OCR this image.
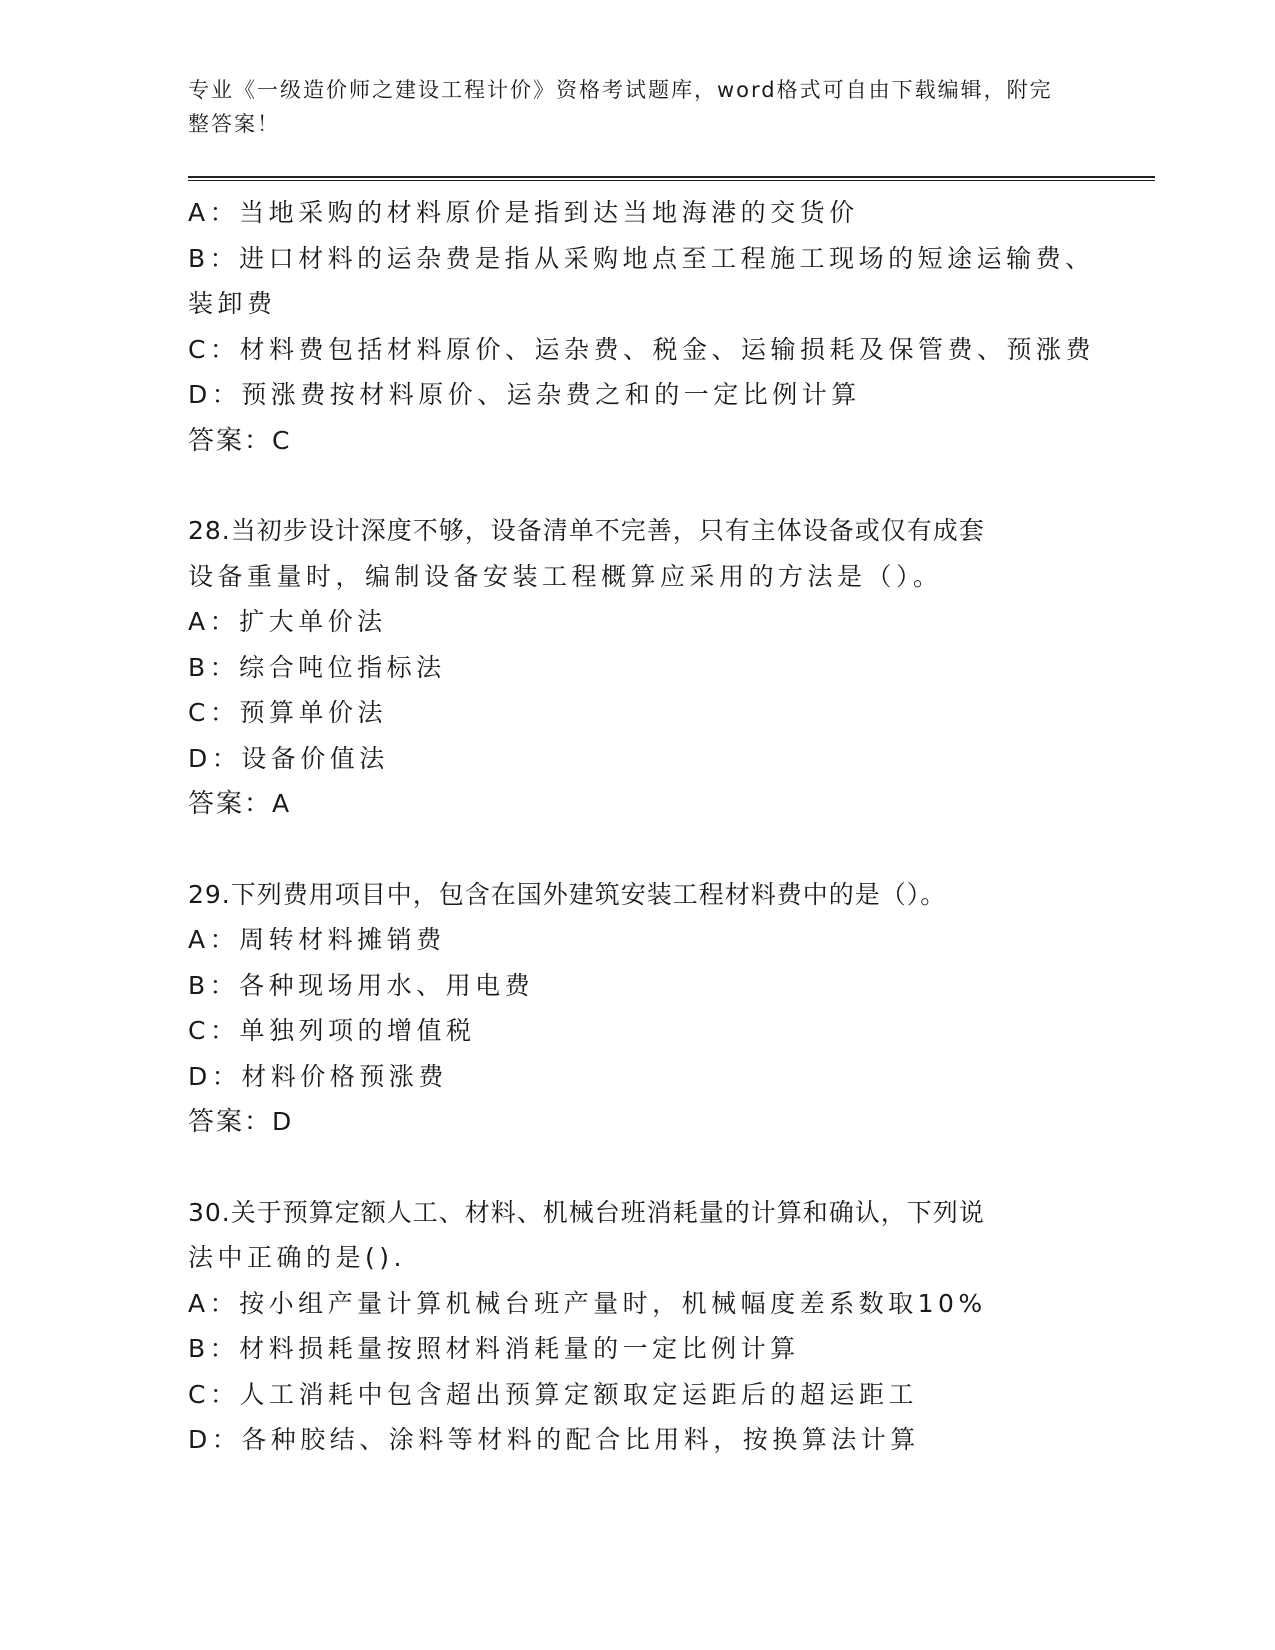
专业《一级造价师之建设工程计价》资格考试题库，word格式可自由下载编辑，附完整答案！
A：当地采购的材料原价是指到达当地海港的交货价
B：进口材料的运杂费是指从采购地点至工程施工现场的短途运输费、
装卸费
C：材料费包括材料原价、运杂费、税金、运输损耗及保管费、预涨费
D：预涨费按材料原价、运杂费之和的一定比例计算
答案：C
28.当初步设计深度不够，设备清单不完善，只有主体设备或仅有成套
设备重量时，编制设备安装工程概算应采用的方法是（）。
A：扩大单价法
B：综合吨位指标法
C：预算单价法
D：设备价值法
答案：A
29.下列费用项目中，包含在国外建筑安装工程材料费中的是（）。
A：周转材料摊销费
B：各种现场用水、用电费
C：单独列项的增值税
D：材料价格预涨费
答案：D
30.关于预算定额人工、材料、机械台班消耗量的计算和确认，下列说
法中正确的是().
A：按小组产量计算机械台班产量时，机械幅度差系数取10%
B：材料损耗量按照材料消耗量的一定比例计算
C：人工消耗中包含超出预算定额取定运距后的超运距工
D：各种胶结、涂料等材料的配合比用料，按换算法计算
